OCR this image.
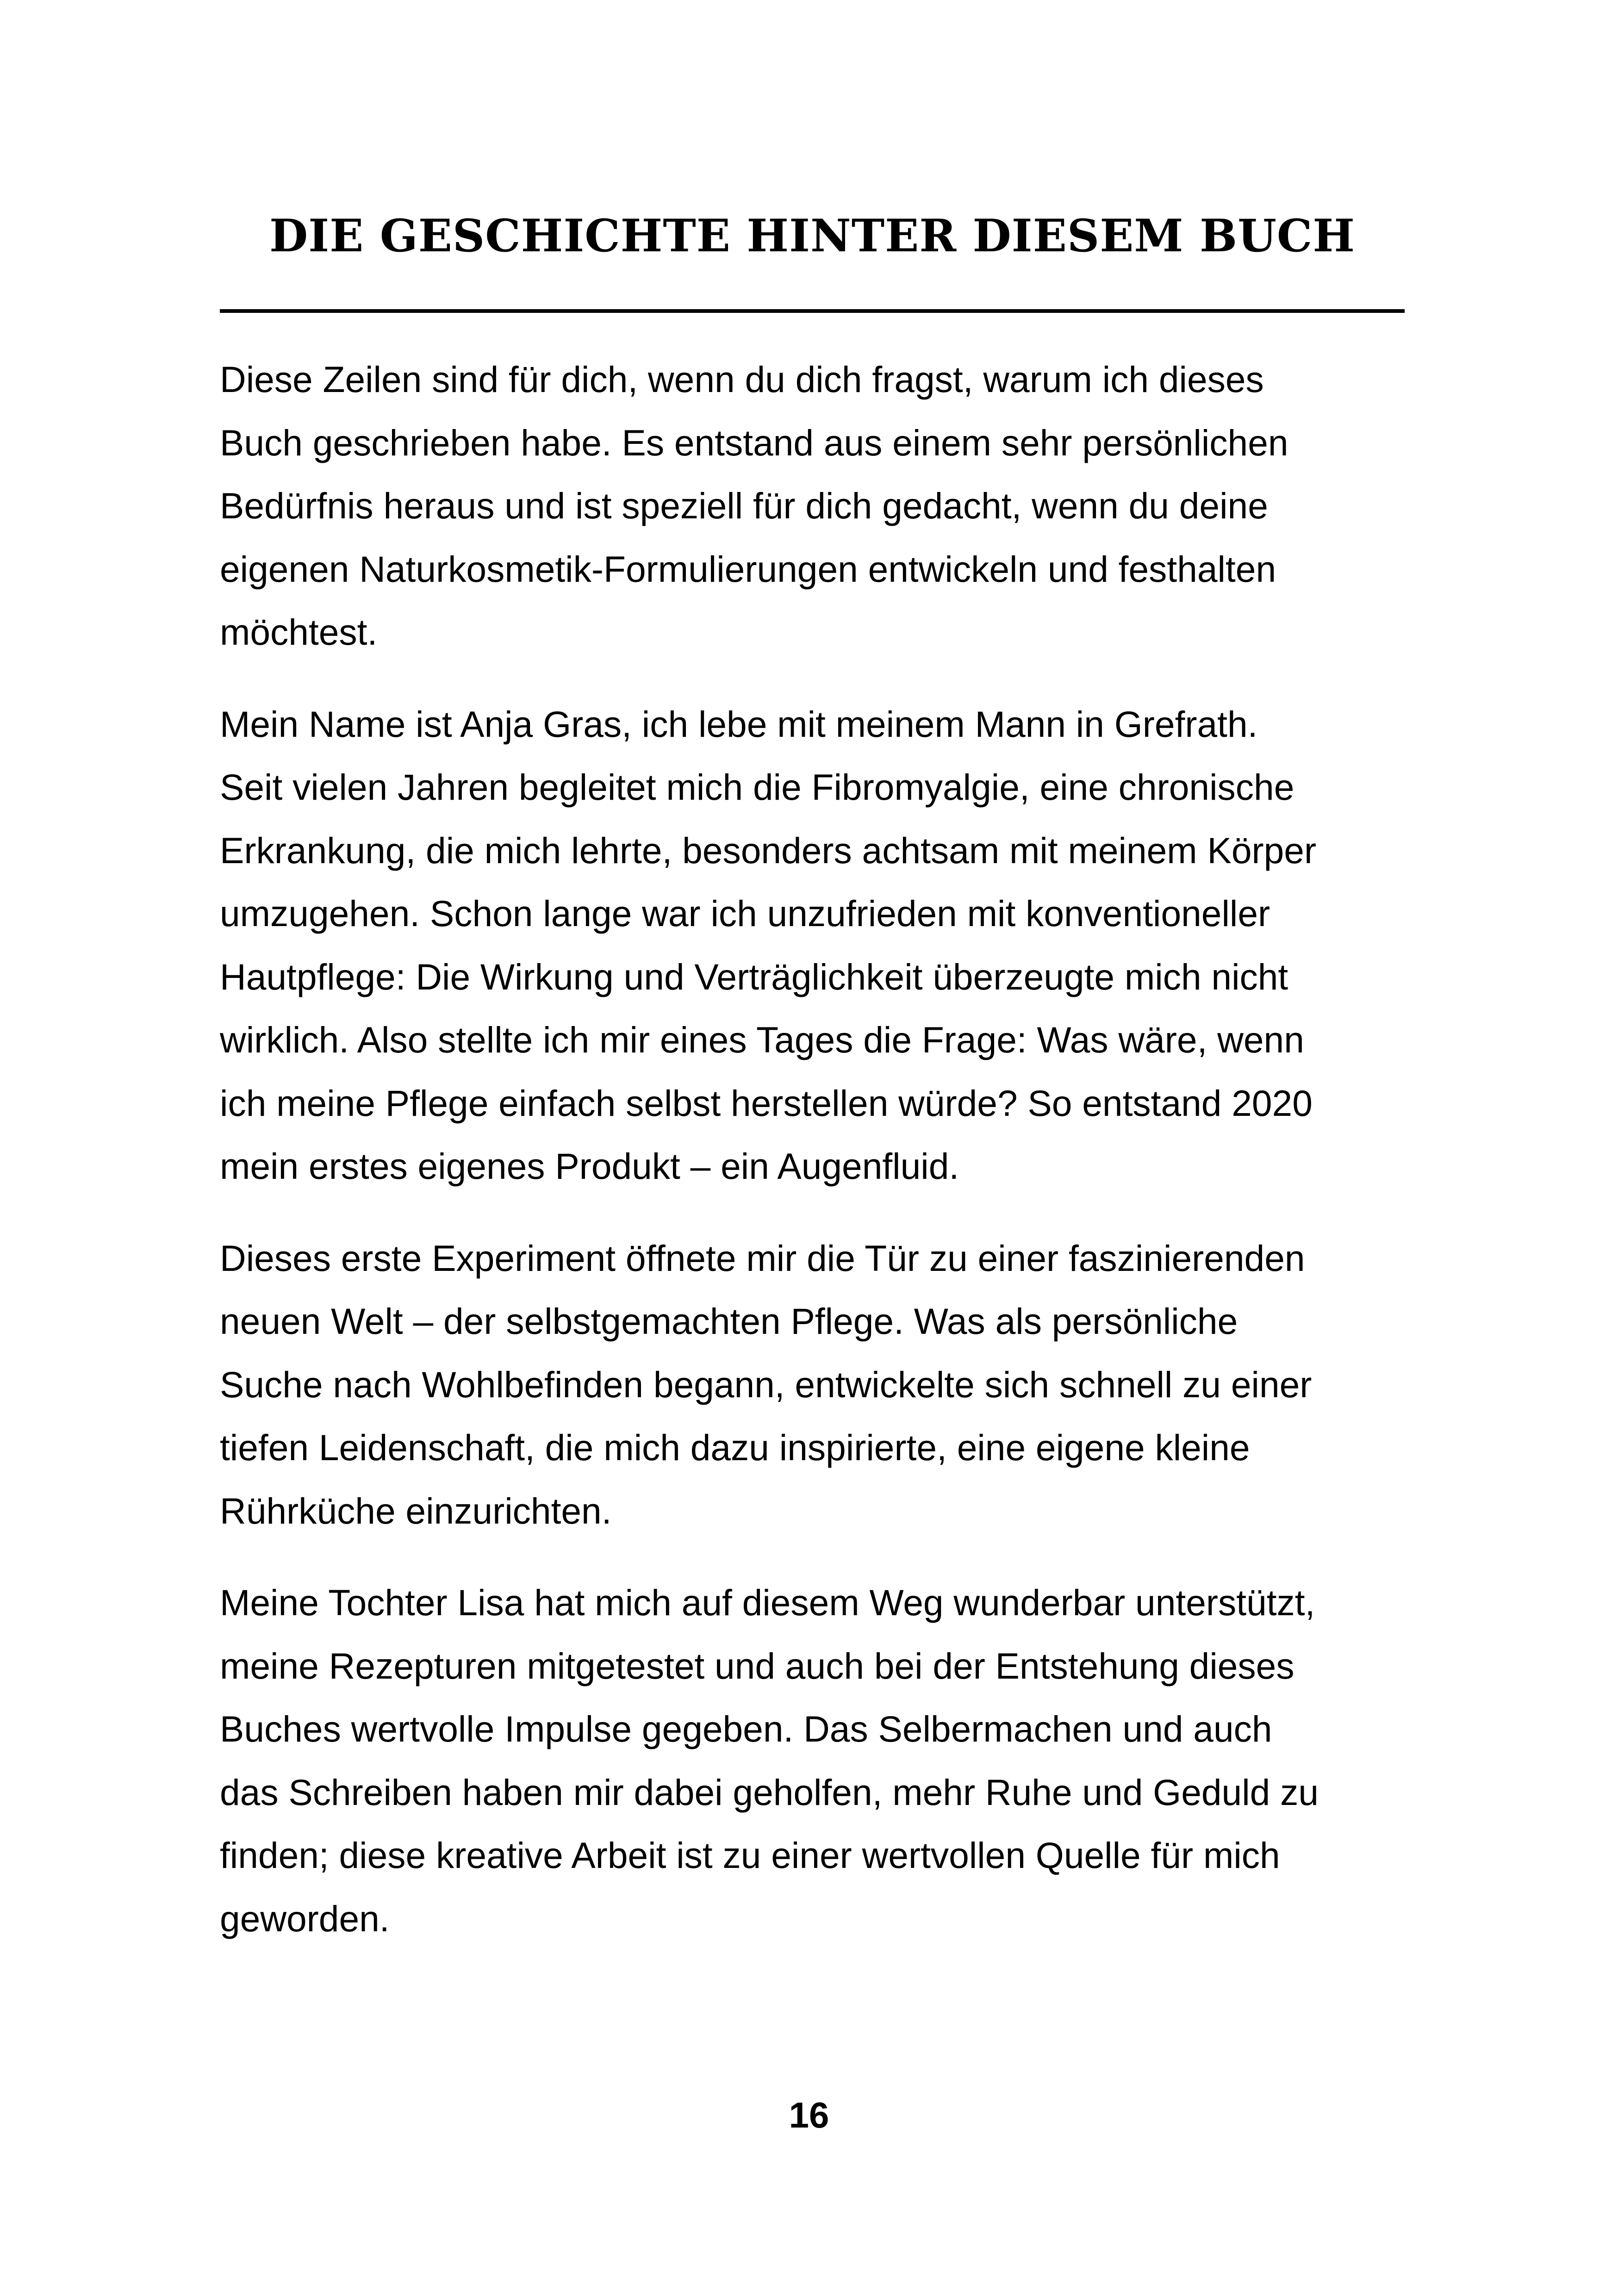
DIE GESCHICHTE HINTER DIESEM BUCH

Diese Zeilen sind für dich, wenn du dich fragst, warum ich dieses
Buch geschrieben habe. Es entstand aus einem sehr persönlichen
Bedürfnis heraus und ist speziell für dich gedacht, wenn du deine
eigenen Naturkosmetik-Formulierungen entwickeln und festhalten
möchtest.

Mein Name ist Anja Gras, ich lebe mit meinem Mann in Grefrath.
Seit vielen Jahren begleitet mich die Fibromyalgie, eine chronische
Erkrankung, die mich lehrte, besonders achtsam mit meinem Körper
umzugehen. Schon lange war ich unzufrieden mit konventioneller
Hautpflege: Die Wirkung und Verträglichkeit überzeugte mich nicht
wirklich. Also stellte ich mir eines Tages die Frage: Was wäre, wenn
ich meine Pflege einfach selbst herstellen würde? So entstand 2020
mein erstes eigenes Produkt – ein Augenfluid.

Dieses erste Experiment öffnete mir die Tür zu einer faszinierenden
neuen Welt – der selbstgemachten Pflege. Was als persönliche
Suche nach Wohlbefinden begann, entwickelte sich schnell zu einer
tiefen Leidenschaft, die mich dazu inspirierte, eine eigene kleine
Rührküche einzurichten.

Meine Tochter Lisa hat mich auf diesem Weg wunderbar unterstützt,
meine Rezepturen mitgetestet und auch bei der Entstehung dieses
Buches wertvolle Impulse gegeben. Das Selbermachen und auch
das Schreiben haben mir dabei geholfen, mehr Ruhe und Geduld zu
finden; diese kreative Arbeit ist zu einer wertvollen Quelle für mich
geworden.

16
